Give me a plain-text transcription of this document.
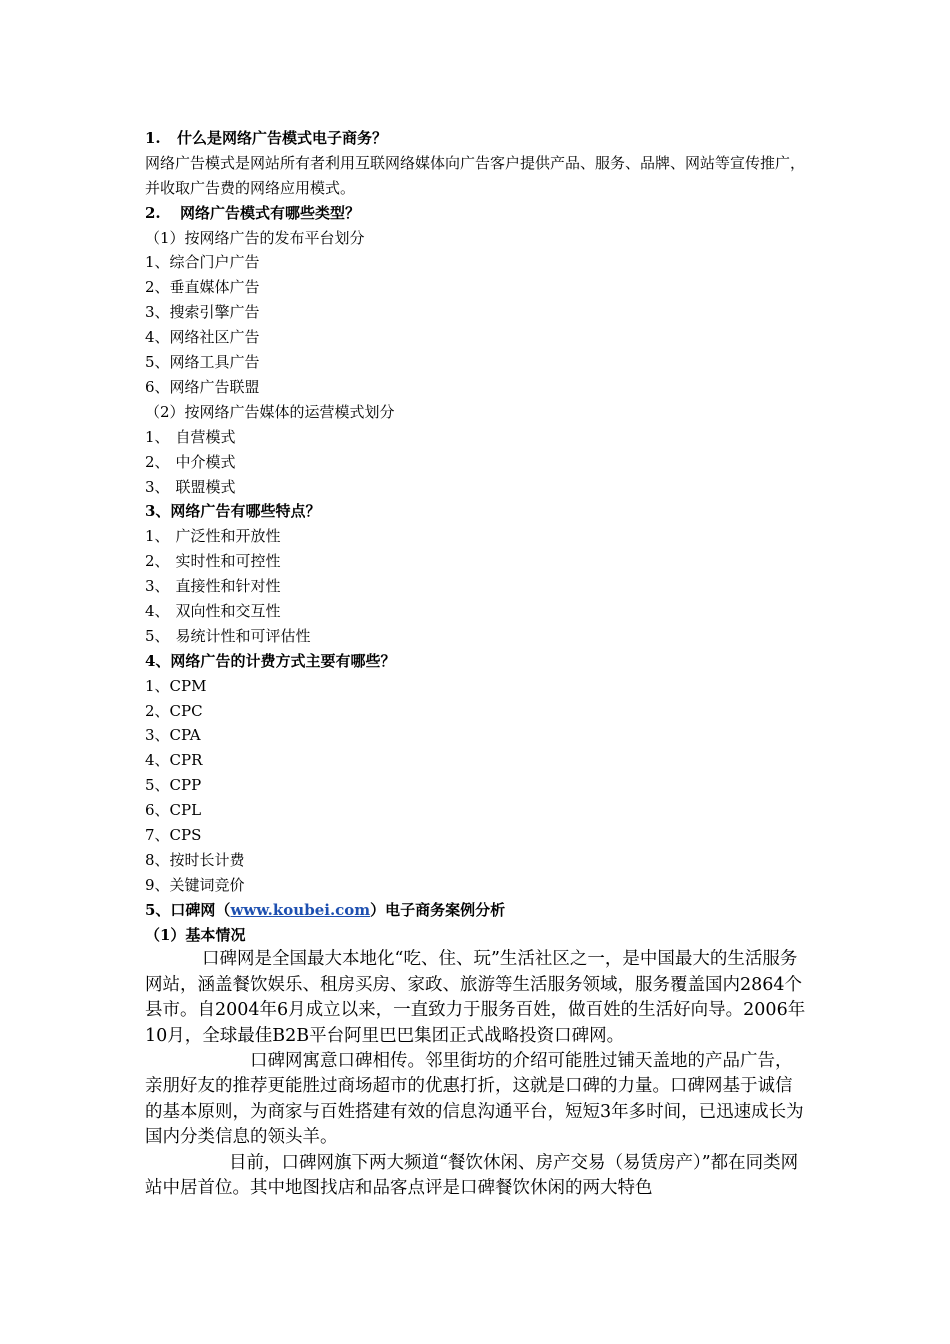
1. 什么是网络广告模式电子商务？
网络广告模式是网站所有者利用互联网络媒体向广告客户提供产品、服务、品牌、网站等宣传推广，并收取广告费的网络应用模式。
2. 网络广告模式有哪些类型？
（1）按网络广告的发布平台划分
1、综合门户广告
2、垂直媒体广告
3、搜索引擎广告
4、网络社区广告
5、网络工具广告
6、网络广告联盟
（2）按网络广告媒体的运营模式划分
1、 自营模式
2、 中介模式
3、 联盟模式
3、网络广告有哪些特点？
1、 广泛性和开放性
2、 实时性和可控性
3、 直接性和针对性
4、 双向性和交互性
5、 易统计性和可评估性
4、网络广告的计费方式主要有哪些？
1、CPM
2、CPC
3、CPA
4、CPR
5、CPP
6、CPL
7、CPS
8、按时长计费
9、关键词竞价
5、口碑网（www.koubei.com）电子商务案例分析
（1）基本情况
口碑网是全国最大本地化“吃、住、玩”生活社区之一，是中国最大的生活服务网站，涵盖餐饮娱乐、租房买房、家政、旅游等生活服务领域，服务覆盖国内2864个县市。自2004年6月成立以来，一直致力于服务百姓，做百姓的生活好向导。2006年10月，全球最佳B2B平台阿里巴巴集团正式战略投资口碑网。
口碑网寓意口碑相传。邻里街坊的介绍可能胜过铺天盖地的产品广告，亲朋好友的推荐更能胜过商场超市的优惠打折，这就是口碑的力量。口碑网基于诚信的基本原则，为商家与百姓搭建有效的信息沟通平台，短短3年多时间，已迅速成长为国内分类信息的领头羊。
目前，口碑网旗下两大频道“餐饮休闲、房产交易（易赁房产）”都在同类网站中居首位。其中地图找店和品客点评是口碑餐饮休闲的两大特色
